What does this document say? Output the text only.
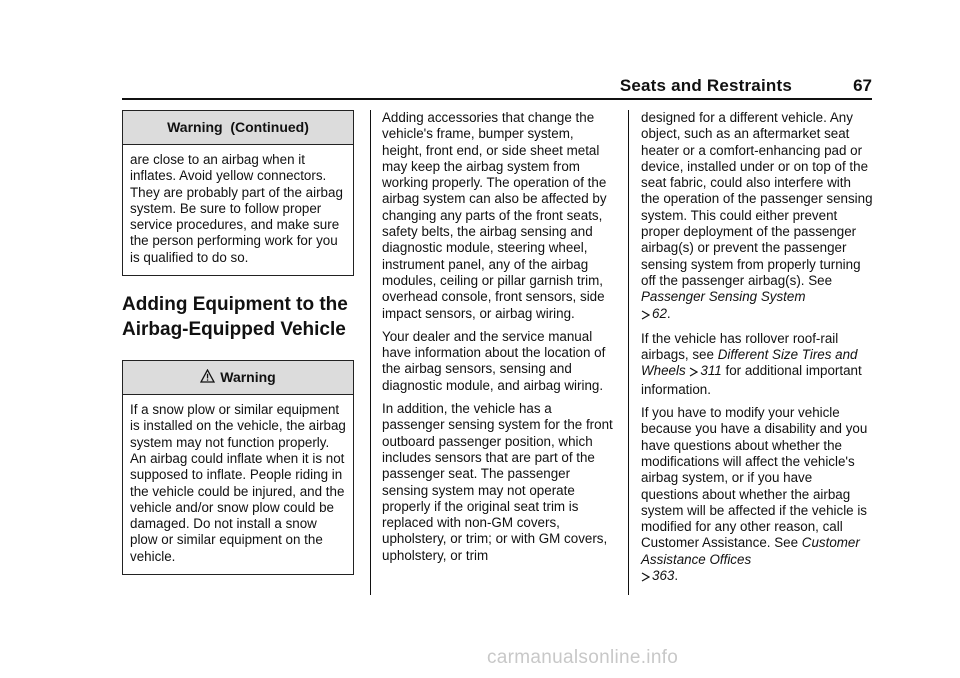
Seats and Restraints	67
Warning  (Continued)

are close to an airbag when it inflates. Avoid yellow connectors. They are probably part of the airbag system. Be sure to follow proper service procedures, and make sure the person performing work for you is qualified to do so.

Adding Equipment to the Airbag-Equipped Vehicle
Warning

If a snow plow or similar equipment is installed on the vehicle, the airbag system may not function properly. An airbag could inflate when it is not supposed to inflate. People riding in the vehicle could be injured, and the vehicle and/or snow plow could be damaged. Do not install a snow plow or similar equipment on the vehicle.

Adding accessories that change the vehicle's frame, bumper system, height, front end, or side sheet metal may keep the airbag system from working properly. The operation of the airbag system can also be affected by changing any parts of the front seats, safety belts, the airbag sensing and diagnostic module, steering wheel, instrument panel, any of the airbag modules, ceiling or pillar garnish trim, overhead console, front sensors, side impact sensors, or airbag wiring.

Your dealer and the service manual have information about the location of the airbag sensors, sensing and diagnostic module, and airbag wiring.

In addition, the vehicle has a passenger sensing system for the front outboard passenger position, which includes sensors that are part of the passenger seat. The passenger sensing system may not operate properly if the original seat trim is replaced with non-GM covers, upholstery, or trim; or with GM covers, upholstery, or trim

designed for a different vehicle. Any object, such as an aftermarket seat heater or a comfort-enhancing pad or device, installed under or on top of the seat fabric, could also interfere with the operation of the passenger sensing system. This could either prevent proper deployment of the passenger airbag(s) or prevent the passenger sensing system from properly turning off the passenger airbag(s). See Passenger Sensing System
62.

If the vehicle has rollover roof-rail airbags, see Different Size Tires and Wheels 311 for additional important information.

If you have to modify your vehicle because you have a disability and you have questions about whether the modifications will affect the vehicle's airbag system, or if you have questions about whether the airbag system will be affected if the vehicle is modified for any other reason, call Customer Assistance. See Customer Assistance Offices
363.

carmanualsonline.info
